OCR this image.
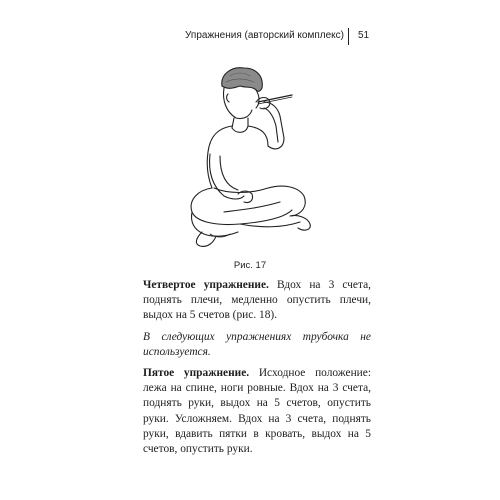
Упражнения (авторский комплекс) 51
Рис. 17

Четвертое упражнение. Вдох на 3 счета, поднять плечи, медленно опустить плечи, выдох на 5 счетов (рис. 18).

В следующих упражнениях трубочка не используется.

Пятое упражнение. Исходное положение: лежа на спине, ноги ровные. Вдох на 3 счета, поднять руки, выдох на 5 счетов, опустить руки. Усложняем. Вдох на 3 счета, поднять руки, вдавить пятки в кровать, выдох на 5 счетов, опустить руки.
